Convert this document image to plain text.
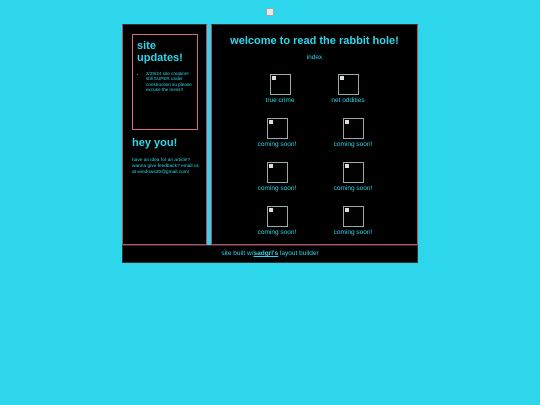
site updates!

• 3/29/24 site creation! still SUPER under construction so please excuse the mess!!
hey you!
have an idea for an article? wanna give feedback? email us at windows20@gmail.com!
welcome to read the rabbit hole!
index
true crime	net oddities
coming soon!	coming soon!
coming soon!	coming soon!
coming soon!	coming soon!
site built w/sadgrl's layout builder
